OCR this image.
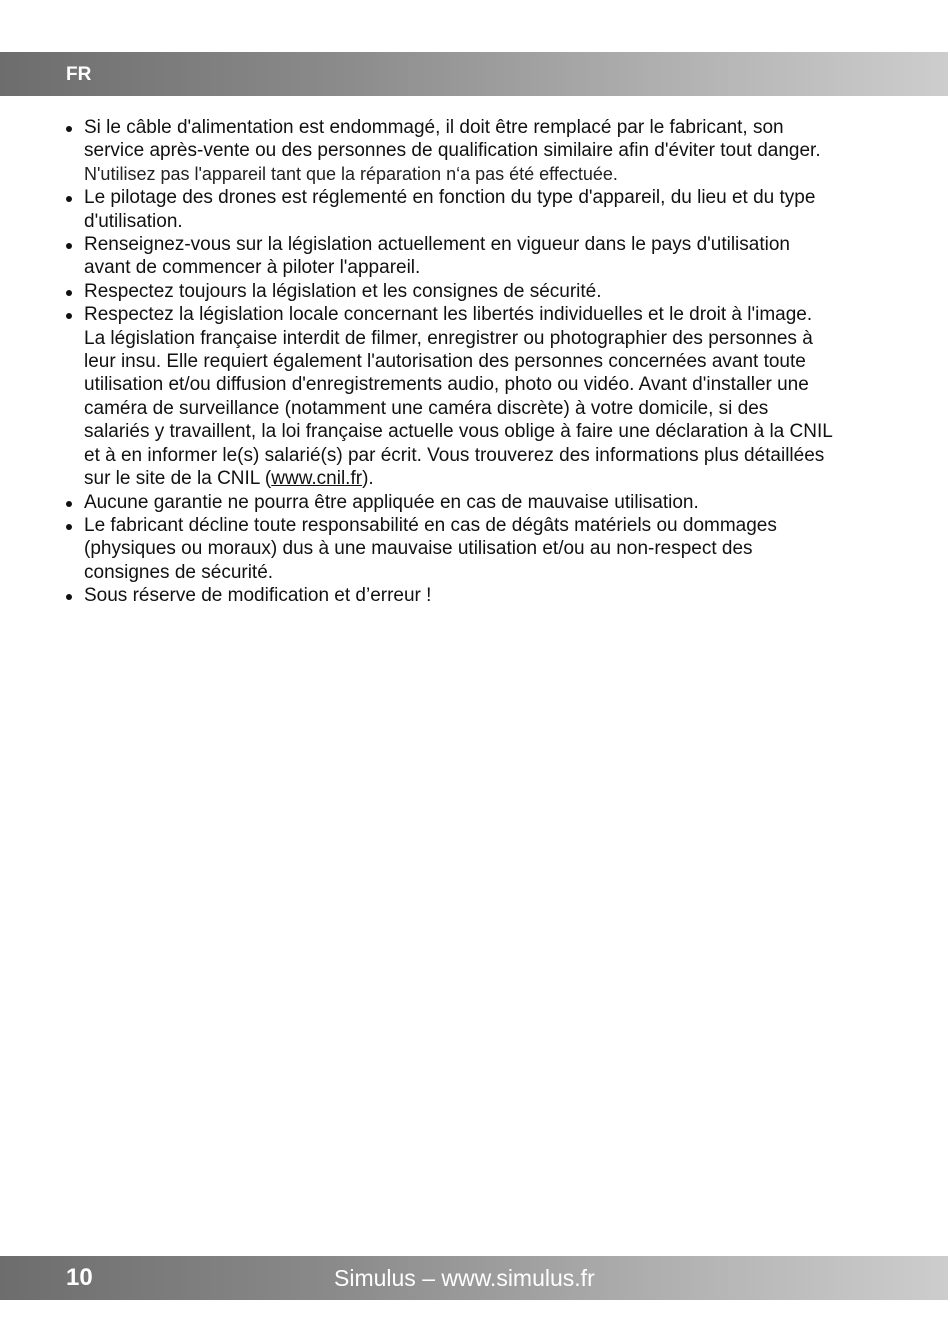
FR
Si le câble d'alimentation est endommagé, il doit être remplacé par le fabricant, son
service après-vente ou des personnes de qualification similaire afin d'éviter tout danger.
N'utilisez pas l'appareil tant que la réparation n‘a pas été effectuée.
Le pilotage des drones est réglementé en fonction du type d'appareil, du lieu et du type
d'utilisation.
Renseignez-vous sur la législation actuellement en vigueur dans le pays d'utilisation
avant de commencer à piloter l'appareil.
Respectez toujours la législation et les consignes de sécurité.
Respectez la législation locale concernant les libertés individuelles et le droit à l'image.
La législation française interdit de filmer, enregistrer ou photographier des personnes à
leur insu. Elle requiert également l'autorisation des personnes concernées avant toute
utilisation et/ou diffusion d'enregistrements audio, photo ou vidéo. Avant d'installer une
caméra de surveillance (notamment une caméra discrète) à votre domicile, si des
salariés y travaillent, la loi française actuelle vous oblige à faire une déclaration à la CNIL
et à en informer le(s) salarié(s) par écrit. Vous trouverez des informations plus détaillées
sur le site de la CNIL (www.cnil.fr).
Aucune garantie ne pourra être appliquée en cas de mauvaise utilisation.
Le fabricant décline toute responsabilité en cas de dégâts matériels ou dommages
(physiques ou moraux) dus à une mauvaise utilisation et/ou au non-respect des
consignes de sécurité.
Sous réserve de modification et d’erreur !
10	Simulus – www.simulus.fr
